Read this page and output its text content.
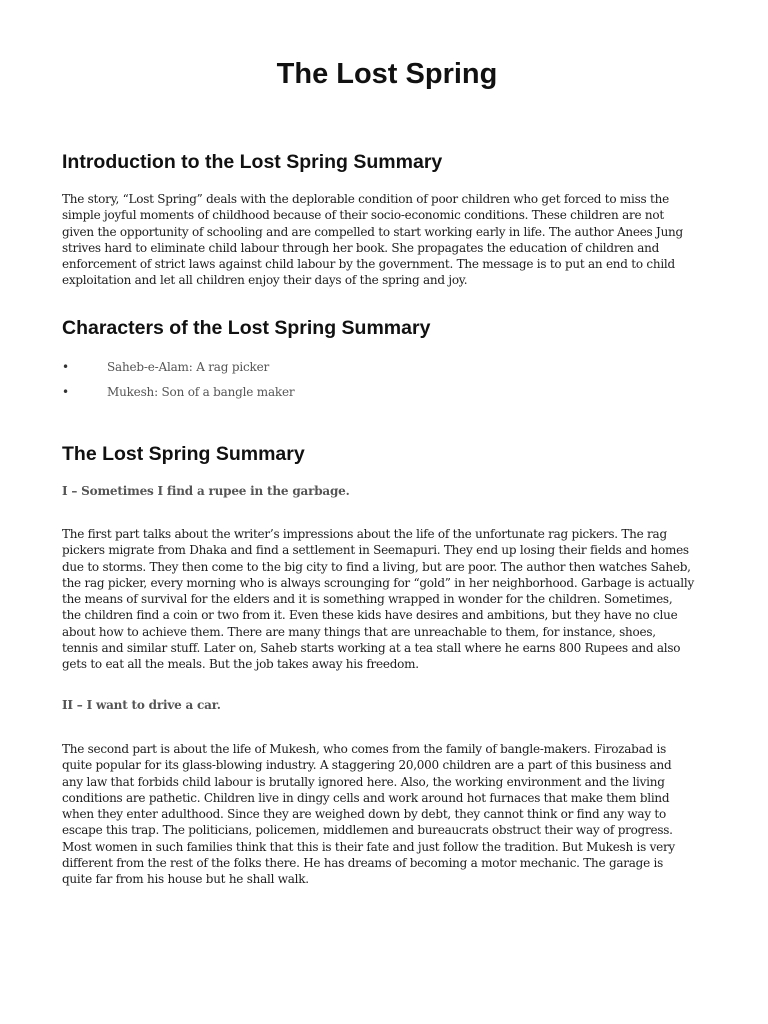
The Lost Spring
Introduction to the Lost Spring Summary

The story, “Lost Spring” deals with the deplorable condition of poor children who get forced to miss the
simple joyful moments of childhood because of their socio-economic conditions. These children are not
given the opportunity of schooling and are compelled to start working early in life. The author Anees Jung
strives hard to eliminate child labour through her book. She propagates the education of children and
enforcement of strict laws against child labour by the government. The message is to put an end to child
exploitation and let all children enjoy their days of the spring and joy.

Characters of the Lost Spring Summary
•	Saheb-e-Alam: A rag picker
•	Mukesh: Son of a bangle maker
The Lost Spring Summary

I – Sometimes I find a rupee in the garbage.

The first part talks about the writer’s impressions about the life of the unfortunate rag pickers. The rag
pickers migrate from Dhaka and find a settlement in Seemapuri. They end up losing their fields and homes
due to storms. They then come to the big city to find a living, but are poor. The author then watches Saheb,
the rag picker, every morning who is always scrounging for “gold” in her neighborhood. Garbage is actually
the means of survival for the elders and it is something wrapped in wonder for the children. Sometimes,
the children find a coin or two from it. Even these kids have desires and ambitions, but they have no clue
about how to achieve them. There are many things that are unreachable to them, for instance, shoes,
tennis and similar stuff. Later on, Saheb starts working at a tea stall where he earns 800 Rupees and also
gets to eat all the meals. But the job takes away his freedom.

II – I want to drive a car.

The second part is about the life of Mukesh, who comes from the family of bangle-makers. Firozabad is
quite popular for its glass-blowing industry. A staggering 20,000 children are a part of this business and
any law that forbids child labour is brutally ignored here. Also, the working environment and the living
conditions are pathetic. Children live in dingy cells and work around hot furnaces that make them blind
when they enter adulthood. Since they are weighed down by debt, they cannot think or find any way to
escape this trap. The politicians, policemen, middlemen and bureaucrats obstruct their way of progress.
Most women in such families think that this is their fate and just follow the tradition. But Mukesh is very
different from the rest of the folks there. He has dreams of becoming a motor mechanic. The garage is
quite far from his house but he shall walk.
